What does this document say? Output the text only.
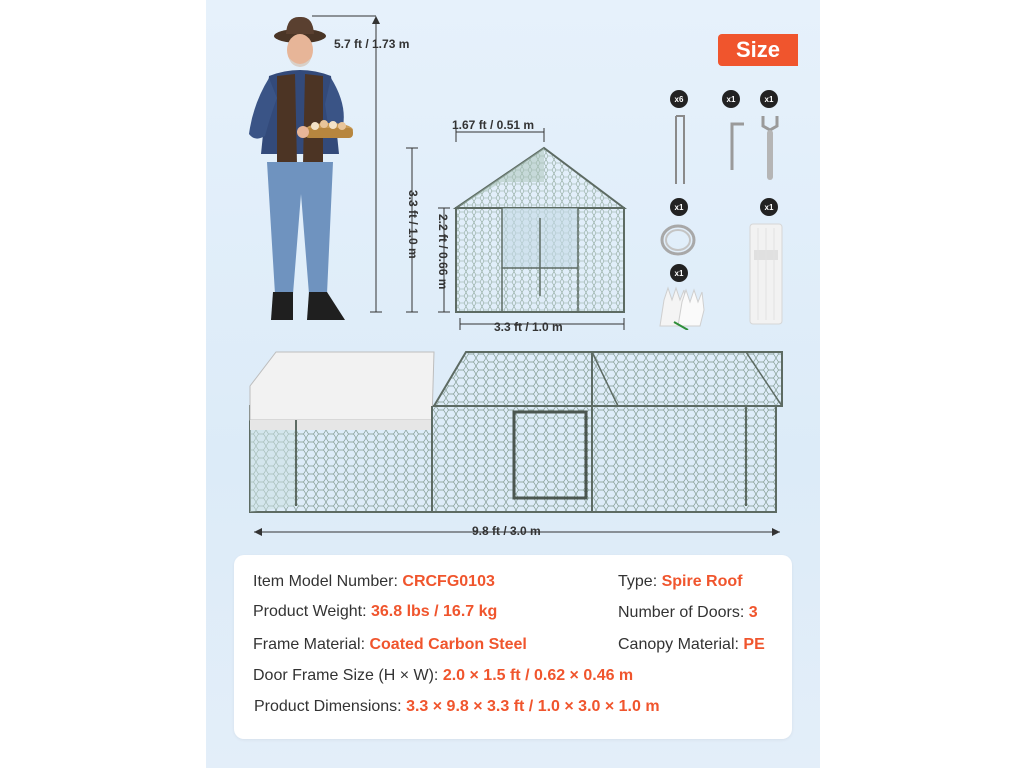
Size
5.7 ft / 1.73 m
1.67 ft / 0.51 m
3.3 ft / 1.0 m 2.2 ft / 0.66 m
3.3 ft / 1.0 m
x6	x1	x1
x1
x1
x1
9.8 ft / 3.0 m
Item Model Number: CRCFG0103	Type: Spire Roof
Product Weight: 36.8 lbs / 16.7 kg	Number of Doors: 3
Frame Material: Coated Carbon Steel	Canopy Material: PE
Door Frame Size (H × W): 2.0 × 1.5 ft / 0.62 × 0.46 m
Product Dimensions: 3.3 × 9.8 × 3.3 ft / 1.0 × 3.0 × 1.0 m
